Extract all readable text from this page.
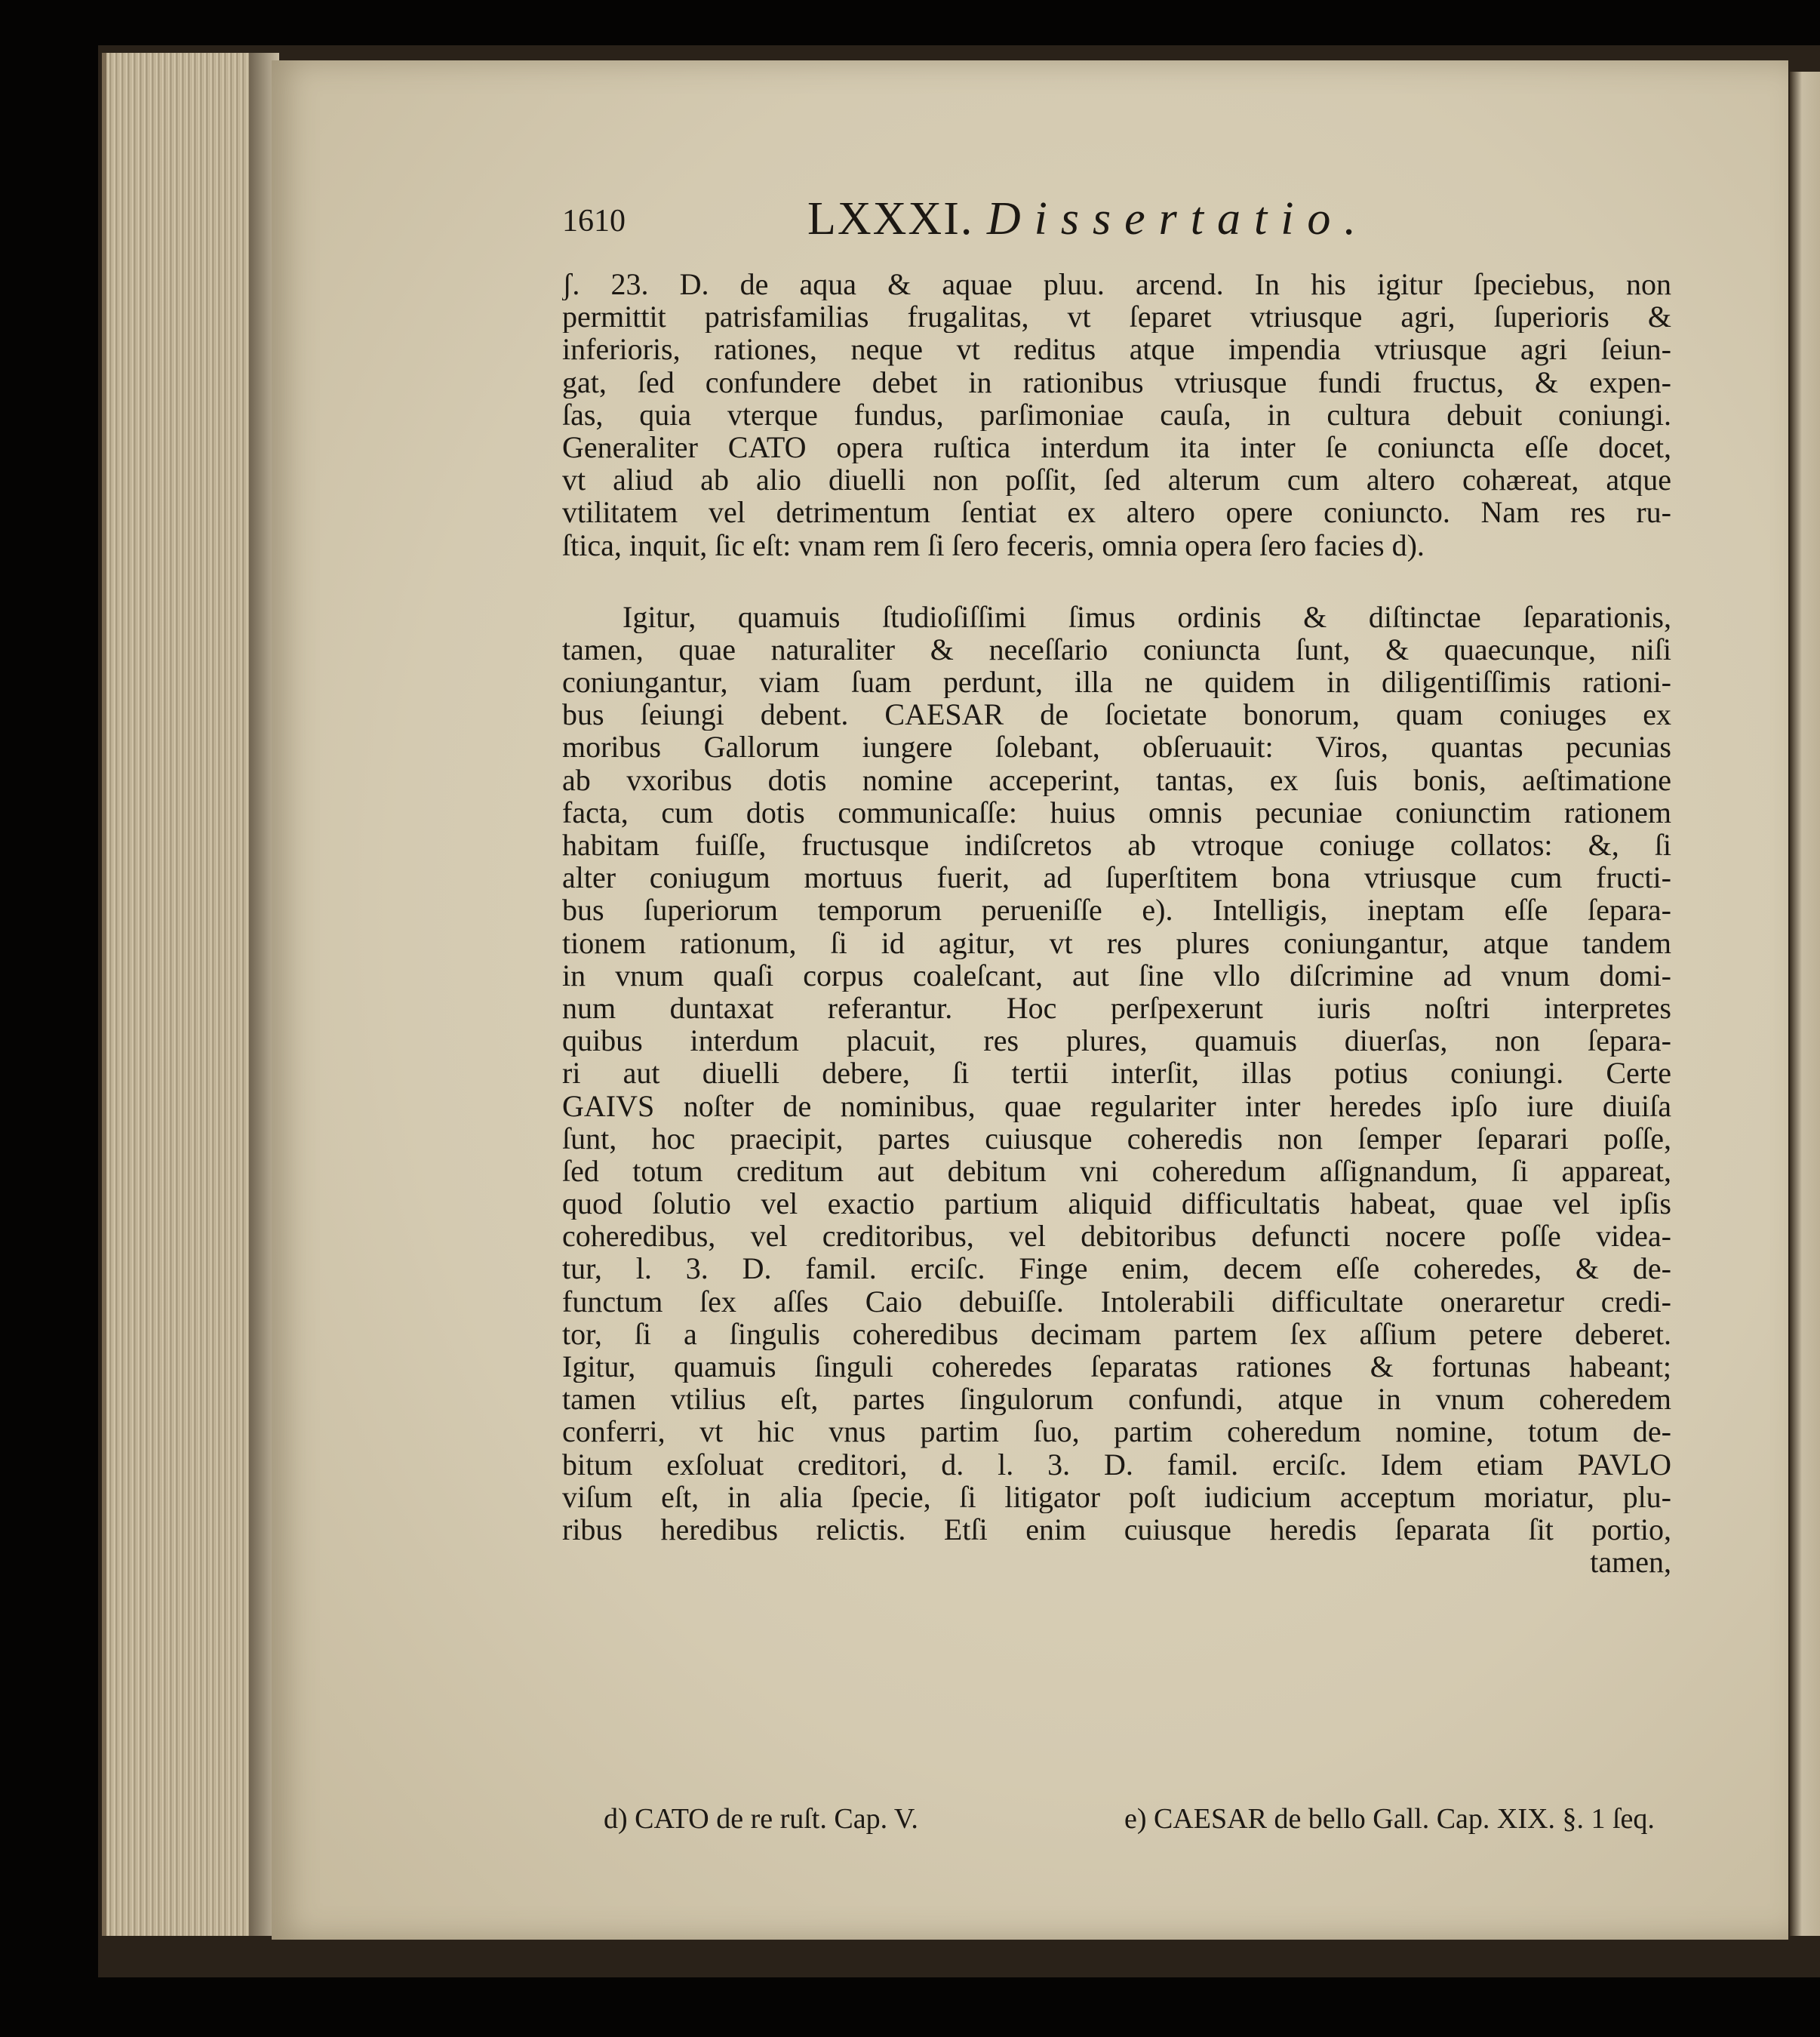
1610	LXXXI. Dissertatio.
ʃ. 23. D. de aqua & aquae pluu. arcend. In his igitur ſpeciebus, non
permittit patrisfamilias frugalitas, vt ſeparet vtriusque agri, ſuperioris &
inferioris, rationes, neque vt reditus atque impendia vtriusque agri ſeiun-
gat, ſed confundere debet in rationibus vtriusque fundi fructus, & expen-
ſas, quia vterque fundus, parſimoniae cauſa, in cultura debuit coniungi.
Generaliter CATO opera ruſtica interdum ita inter ſe coniuncta eſſe docet,
vt aliud ab alio diuelli non poſſit, ſed alterum cum altero cohæreat, atque
vtilitatem vel detrimentum ſentiat ex altero opere coniuncto. Nam res ru-
ſtica, inquit, ſic eſt: vnam rem ſi ſero feceris, omnia opera ſero facies d).
Igitur, quamuis ſtudioſiſſimi ſimus ordinis & diſtinctae ſeparationis,
tamen, quae naturaliter & neceſſario coniuncta ſunt, & quaecunque, niſi
coniungantur, viam ſuam perdunt, illa ne quidem in diligentiſſimis rationi-
bus ſeiungi debent. CAESAR de ſocietate bonorum, quam coniuges ex
moribus Gallorum iungere ſolebant, obſeruauit: Viros, quantas pecunias
ab vxoribus dotis nomine acceperint, tantas, ex ſuis bonis, aeſtimatione
facta, cum dotis communicaſſe: huius omnis pecuniae coniunctim rationem
habitam fuiſſe, fructusque indiſcretos ab vtroque coniuge collatos: &, ſi
alter coniugum mortuus fuerit, ad ſuperſtitem bona vtriusque cum fructi-
bus ſuperiorum temporum perueniſſe e). Intelligis, ineptam eſſe ſepara-
tionem rationum, ſi id agitur, vt res plures coniungantur, atque tandem
in vnum quaſi corpus coaleſcant, aut ſine vllo diſcrimine ad vnum domi-
num duntaxat referantur. Hoc perſpexerunt iuris noſtri interpretes
quibus interdum placuit, res plures, quamuis diuerſas, non ſepara-
ri aut diuelli debere, ſi tertii interſit, illas potius coniungi. Certe
GAIVS noſter de nominibus, quae regulariter inter heredes ipſo iure diuiſa
ſunt, hoc praecipit, partes cuiusque coheredis non ſemper ſeparari poſſe,
ſed totum creditum aut debitum vni coheredum aſſignandum, ſi appareat,
quod ſolutio vel exactio partium aliquid difficultatis habeat, quae vel ipſis
coheredibus, vel creditoribus, vel debitoribus defuncti nocere poſſe videa-
tur, l. 3. D. famil. erciſc. Finge enim, decem eſſe coheredes, & de-
functum ſex aſſes Caio debuiſſe. Intolerabili difficultate oneraretur credi-
tor, ſi a ſingulis coheredibus decimam partem ſex aſſium petere deberet.
Igitur, quamuis ſinguli coheredes ſeparatas rationes & fortunas habeant;
tamen vtilius eſt, partes ſingulorum confundi, atque in vnum coheredem
conferri, vt hic vnus partim ſuo, partim coheredum nomine, totum de-
bitum exſoluat creditori, d. l. 3. D. famil. erciſc. Idem etiam PAVLO
viſum eſt, in alia ſpecie, ſi litigator poſt iudicium acceptum moriatur, plu-
ribus heredibus relictis. Etſi enim cuiusque heredis ſeparata ſit portio,
tamen,
d) CATO de re ruſt. Cap. V.	e) CAESAR de bello Gall. Cap. XIX. §. 1 ſeq.
